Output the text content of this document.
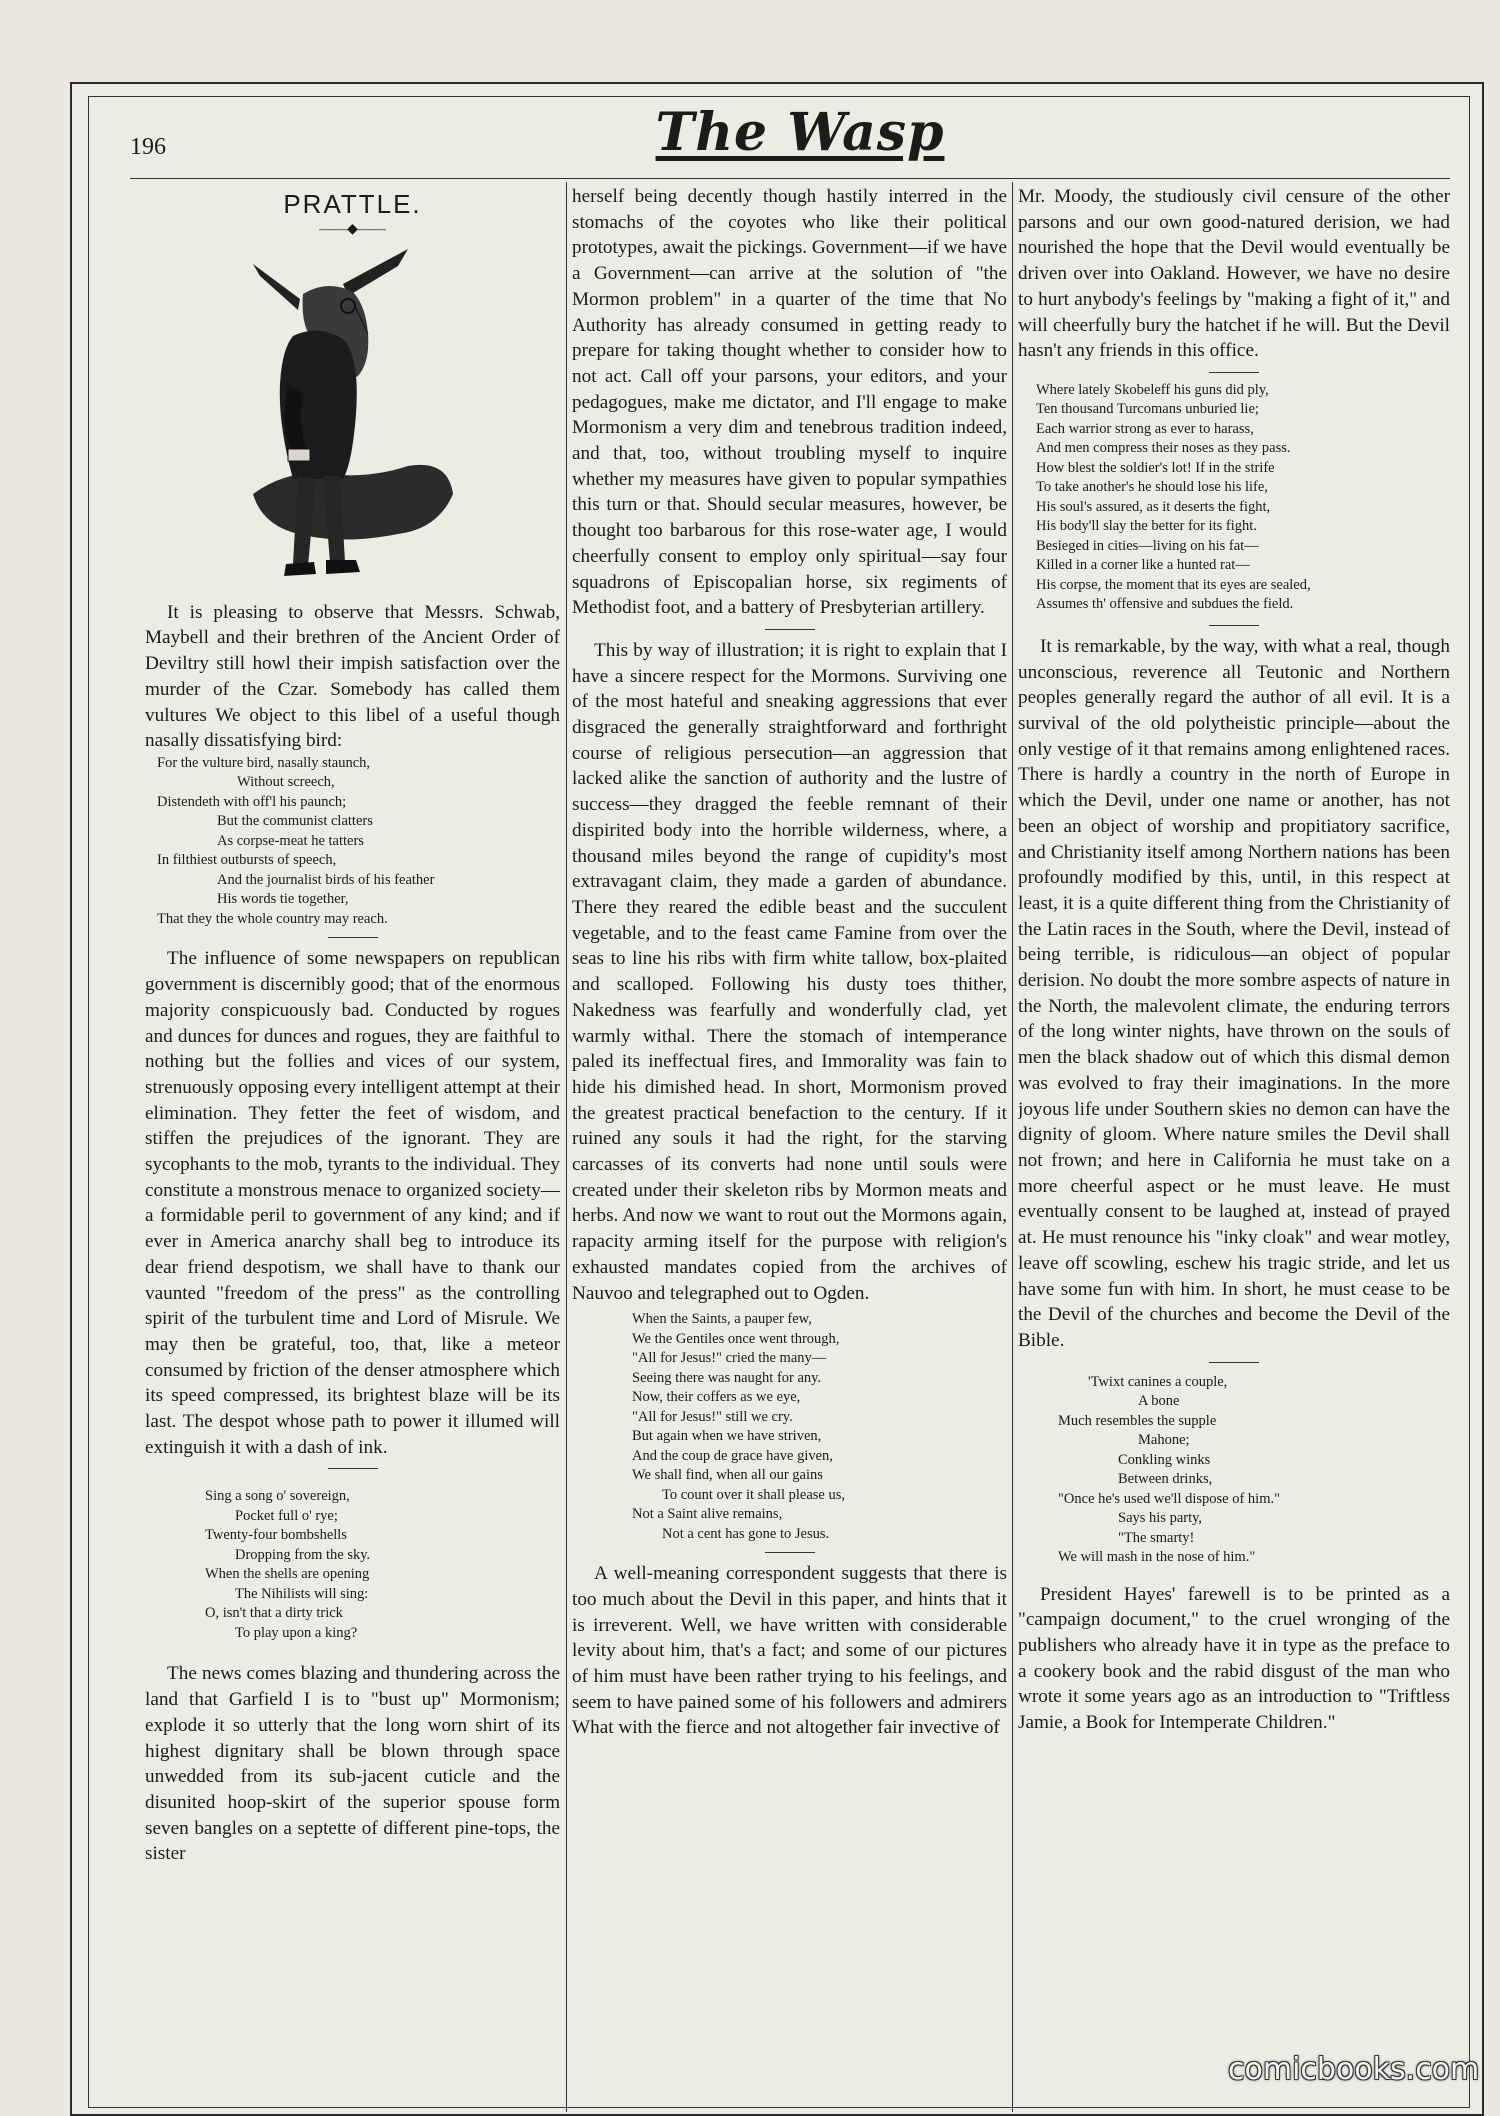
196	The Wasp
PRATTLE.
——◆——

It is pleasing to observe that Messrs. Schwab, Maybell and their brethren of the Ancient Order of Deviltry still howl their impish satisfaction over the murder of the Czar. Somebody has called them vultures We object to this libel of a useful though nasally dissatisfying bird:

For the vulture bird, nasally staunch,
Without screech,
Distendeth with off'l his paunch;
But the communist clatters
As corpse-meat he tatters
In filthiest outbursts of speech,
And the journalist birds of his feather
His words tie together,
That they the whole country may reach.

The influence of some newspapers on republican government is discernibly good; that of the enormous majority conspicuously bad. Conducted by rogues and dunces for dunces and rogues, they are faithful to nothing but the follies and vices of our system, strenuously opposing every intelligent attempt at their elimination. They fetter the feet of wisdom, and stiffen the prejudices of the ignorant. They are sycophants to the mob, tyrants to the individual. They constitute a monstrous menace to organized society—a formidable peril to government of any kind; and if ever in America anarchy shall beg to introduce its dear friend despotism, we shall have to thank our vaunted "freedom of the press" as the controlling spirit of the turbulent time and Lord of Misrule. We may then be grateful, too, that, like a meteor consumed by friction of the denser atmosphere which its speed compressed, its brightest blaze will be its last. The despot whose path to power it illumed will extinguish it with a dash of ink.

Sing a song o' sovereign,
Pocket full o' rye;
Twenty-four bombshells
Dropping from the sky.
When the shells are opening
The Nihilists will sing:
O, isn't that a dirty trick
To play upon a king?

The news comes blazing and thundering across the land that Garfield I is to "bust up" Mormonism; explode it so utterly that the long worn shirt of its highest dignitary shall be blown through space unwedded from its sub-jacent cuticle and the disunited hoop-skirt of the superior spouse form seven bangles on a septette of different pine-tops, the sister

herself being decently though hastily interred in the stomachs of the coyotes who like their political prototypes, await the pickings. Government—if we have a Government—can arrive at the solution of "the Mormon problem" in a quarter of the time that No Authority has already consumed in getting ready to prepare for taking thought whether to consider how to not act. Call off your parsons, your editors, and your pedagogues, make me dictator, and I'll engage to make Mormonism a very dim and tenebrous tradition indeed, and that, too, without troubling myself to inquire whether my measures have given to popular sympathies this turn or that. Should secular measures, however, be thought too barbarous for this rose-water age, I would cheerfully consent to employ only spiritual—say four squadrons of Episcopalian horse, six regiments of Methodist foot, and a battery of Presbyterian artillery.

This by way of illustration; it is right to explain that I have a sincere respect for the Mormons. Surviving one of the most hateful and sneaking aggressions that ever disgraced the generally straightforward and forthright course of religious persecution—an aggression that lacked alike the sanction of authority and the lustre of success—they dragged the feeble remnant of their dispirited body into the horrible wilderness, where, a thousand miles beyond the range of cupidity's most extravagant claim, they made a garden of abundance. There they reared the edible beast and the succulent vegetable, and to the feast came Famine from over the seas to line his ribs with firm white tallow, box-plaited and scalloped. Following his dusty toes thither, Nakedness was fearfully and wonderfully clad, yet warmly withal. There the stomach of intemperance paled its ineffectual fires, and Immorality was fain to hide his dimished head. In short, Mormonism proved the greatest practical benefaction to the century. If it ruined any souls it had the right, for the starving carcasses of its converts had none until souls were created under their skeleton ribs by Mormon meats and herbs. And now we want to rout out the Mormons again, rapacity arming itself for the purpose with religion's exhausted mandates copied from the archives of Nauvoo and telegraphed out to Ogden.

When the Saints, a pauper few,
We the Gentiles once went through,
"All for Jesus!" cried the many—
Seeing there was naught for any.
Now, their coffers as we eye,
"All for Jesus!" still we cry.
But again when we have striven,
And the coup de grace have given,
We shall find, when all our gains
To count over it shall please us,
Not a Saint alive remains,
Not a cent has gone to Jesus.

A well-meaning correspondent suggests that there is too much about the Devil in this paper, and hints that it is irreverent. Well, we have written with considerable levity about him, that's a fact; and some of our pictures of him must have been rather trying to his feelings, and seem to have pained some of his followers and admirers What with the fierce and not altogether fair invective of

Mr. Moody, the studiously civil censure of the other parsons and our own good-natured derision, we had nourished the hope that the Devil would eventually be driven over into Oakland. However, we have no desire to hurt anybody's feelings by "making a fight of it," and will cheerfully bury the hatchet if he will. But the Devil hasn't any friends in this office.

Where lately Skobeleff his guns did ply,
Ten thousand Turcomans unburied lie;
Each warrior strong as ever to harass,
And men compress their noses as they pass.
How blest the soldier's lot! If in the strife
To take another's he should lose his life,
His soul's assured, as it deserts the fight,
His body'll slay the better for its fight.
Besieged in cities—living on his fat—
Killed in a corner like a hunted rat—
His corpse, the moment that its eyes are sealed,
Assumes th' offensive and subdues the field.

It is remarkable, by the way, with what a real, though unconscious, reverence all Teutonic and Northern peoples generally regard the author of all evil. It is a survival of the old polytheistic principle—about the only vestige of it that remains among enlightened races. There is hardly a country in the north of Europe in which the Devil, under one name or another, has not been an object of worship and propitiatory sacrifice, and Christianity itself among Northern nations has been profoundly modified by this, until, in this respect at least, it is a quite different thing from the Christianity of the Latin races in the South, where the Devil, instead of being terrible, is ridiculous—an object of popular derision. No doubt the more sombre aspects of nature in the North, the malevolent climate, the enduring terrors of the long winter nights, have thrown on the souls of men the black shadow out of which this dismal demon was evolved to fray their imaginations. In the more joyous life under Southern skies no demon can have the dignity of gloom. Where nature smiles the Devil shall not frown; and here in California he must take on a more cheerful aspect or he must leave. He must eventually consent to be laughed at, instead of prayed at. He must renounce his "inky cloak" and wear motley, leave off scowling, eschew his tragic stride, and let us have some fun with him. In short, he must cease to be the Devil of the churches and become the Devil of the Bible.

'Twixt canines a couple,
A bone
Much resembles the supple
Mahone;
Conkling winks
Between drinks,
"Once he's used we'll dispose of him."
Says his party,
"The smarty!
We will mash in the nose of him."

President Hayes' farewell is to be printed as a "campaign document," to the cruel wronging of the publishers who already have it in type as the preface to a cookery book and the rabid disgust of the man who wrote it some years ago as an introduction to "Triftless Jamie, a Book for Intemperate Children."

comicbooks.com
